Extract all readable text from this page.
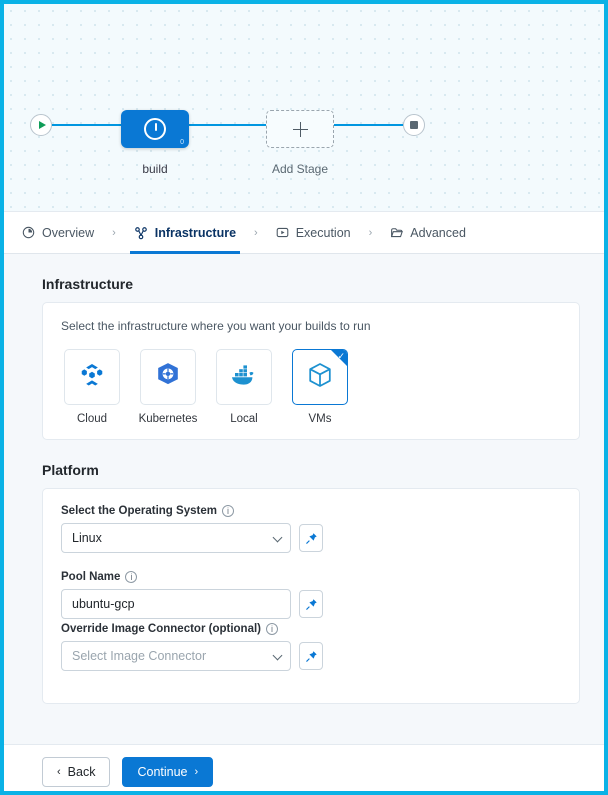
0
build	Add Stage
Overview	›	Infrastructure	›	Execution	›	Advanced
Infrastructure
Select the infrastructure where you want your builds to run
Cloud	Kubernetes	Local
✓
VMs
Platform
Select the Operating System	i
Linux
Pool Name	i
ubuntu-gcp
Override Image Connector (optional)	i
Select Image Connector
‹ Back	Continue ›
